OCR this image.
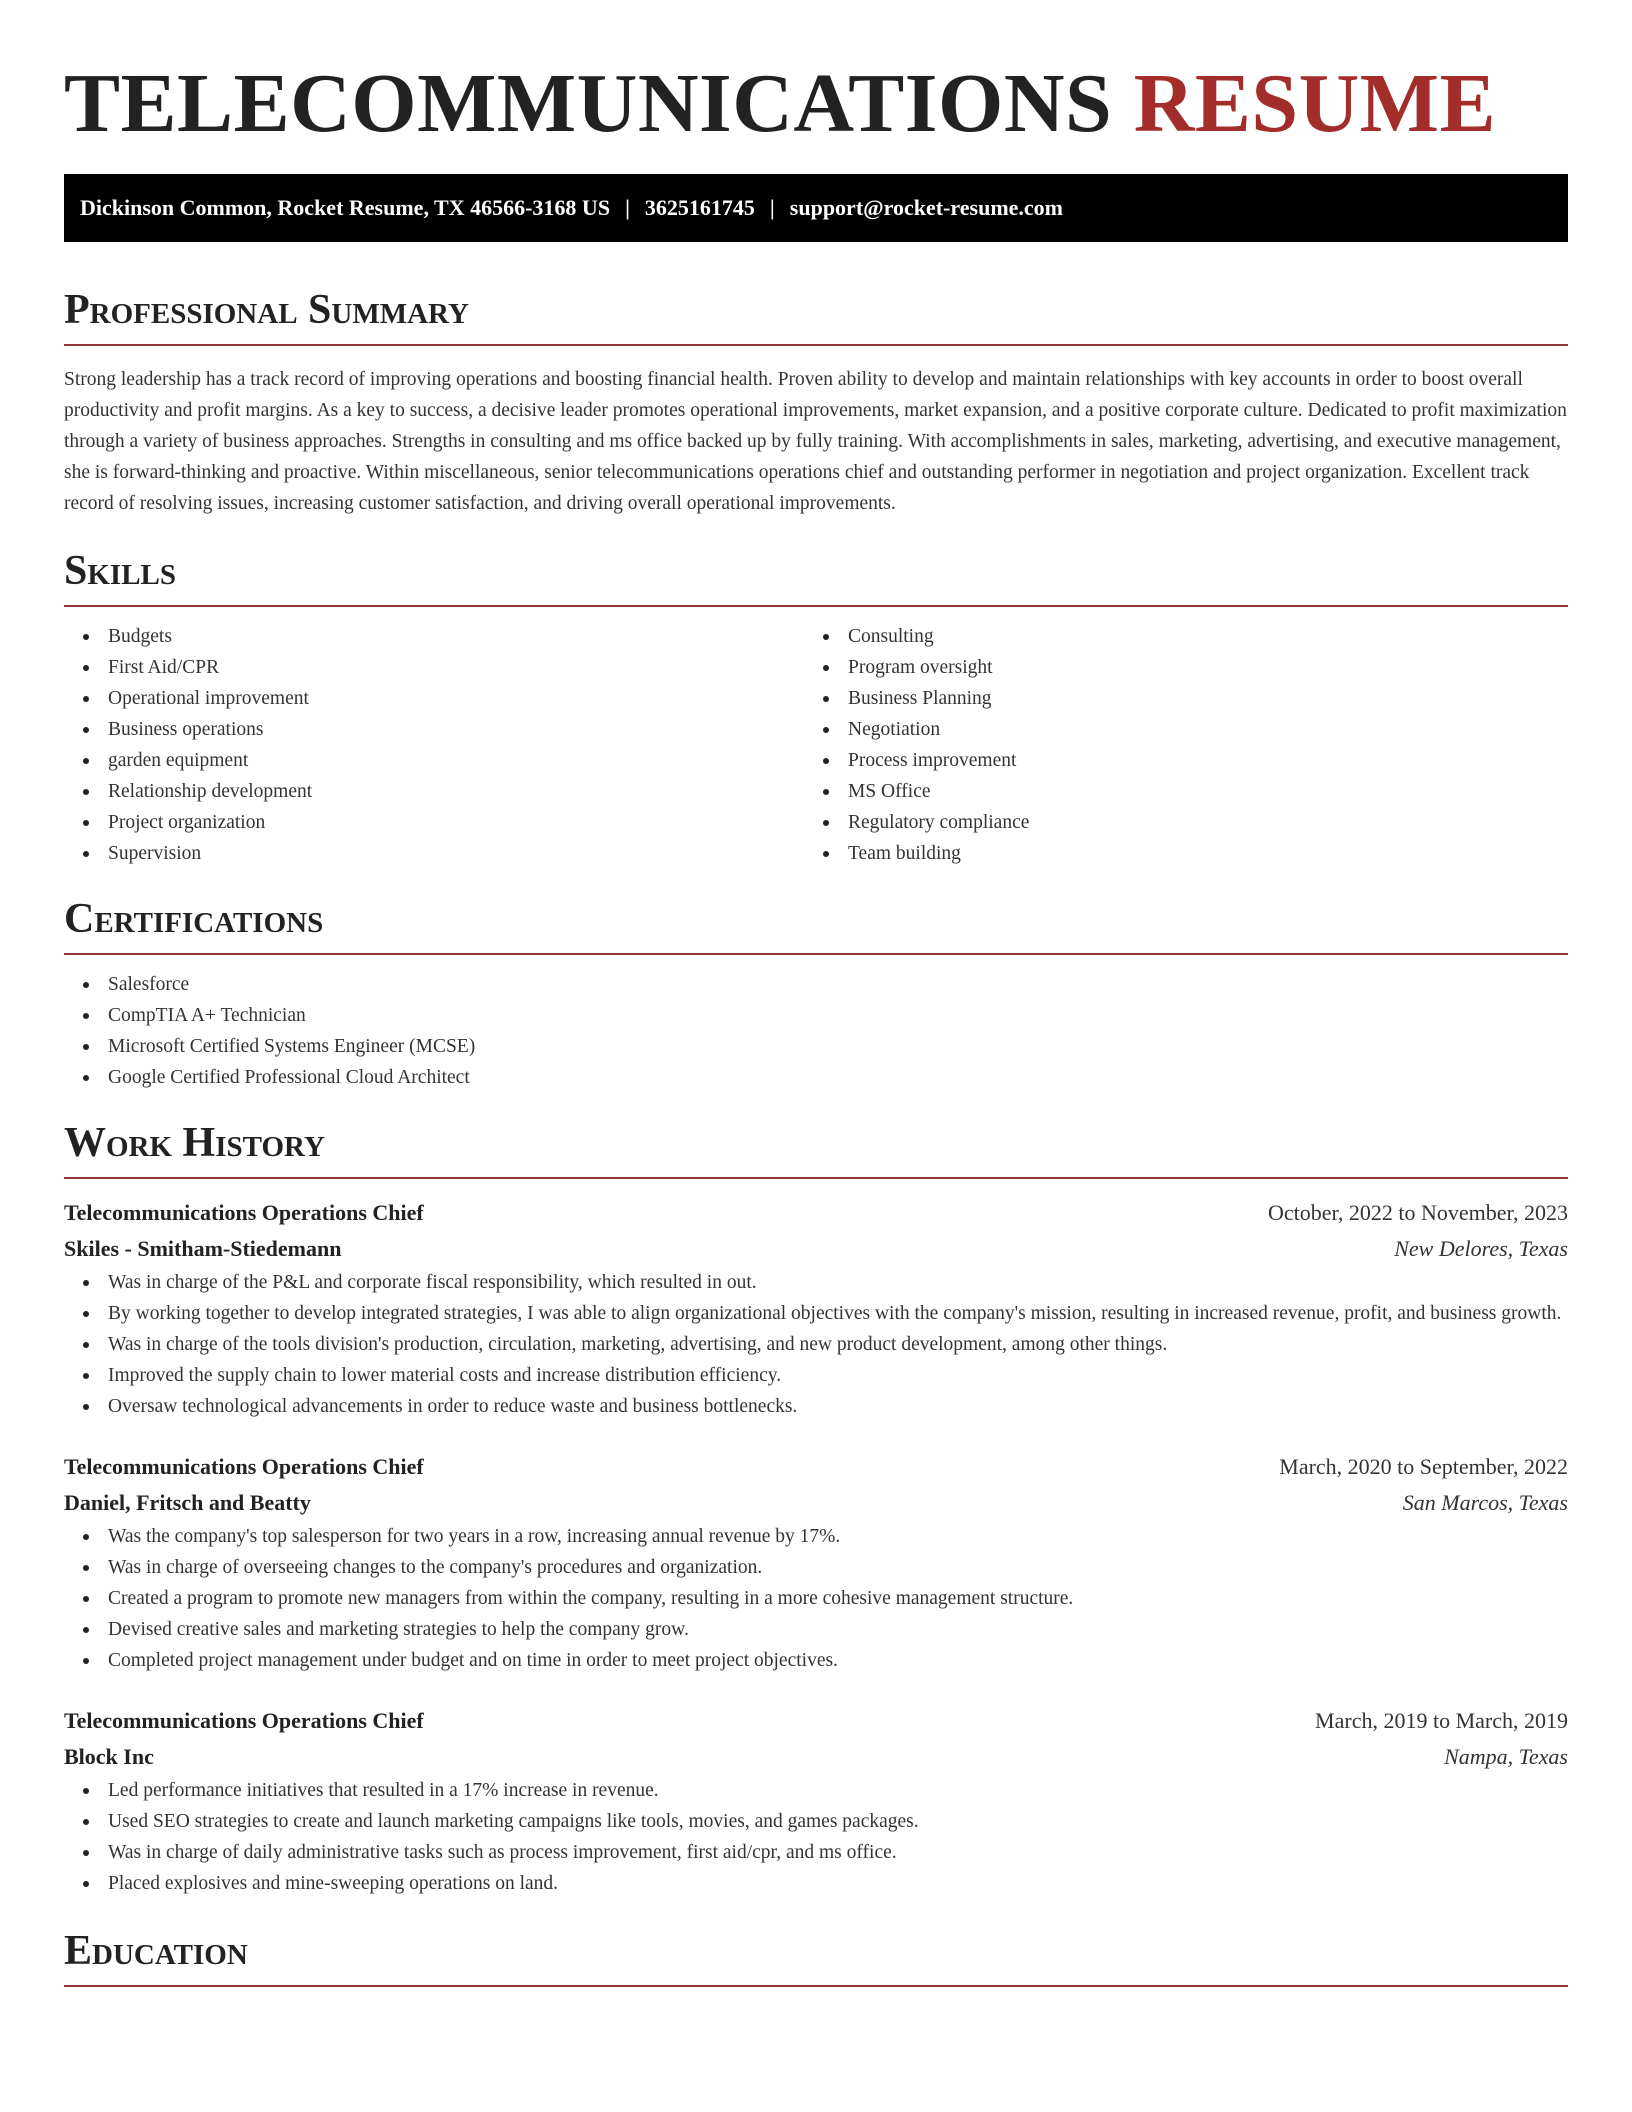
TELECOMMUNICATIONS RESUME
Dickinson Common, Rocket Resume, TX 46566-3168 US | 3625161745 | support@rocket-resume.com
Professional Summary

Strong leadership has a track record of improving operations and boosting financial health. Proven ability to develop and maintain relationships with key accounts in order to boost overall productivity and profit margins. As a key to success, a decisive leader promotes operational improvements, market expansion, and a positive corporate culture. Dedicated to profit maximization through a variety of business approaches. Strengths in consulting and ms office backed up by fully training. With accomplishments in sales, marketing, advertising, and executive management, she is forward-thinking and proactive. Within miscellaneous, senior telecommunications operations chief and outstanding performer in negotiation and project organization. Excellent track record of resolving issues, increasing customer satisfaction, and driving overall operational improvements.

Skills
Budgets
First Aid/CPR
Operational improvement
Business operations
garden equipment
Relationship development
Project organization
Supervision
Consulting
Program oversight
Business Planning
Negotiation
Process improvement
MS Office
Regulatory compliance
Team building
Certifications
Salesforce
CompTIA A+ Technician
Microsoft Certified Systems Engineer (MCSE)
Google Certified Professional Cloud Architect
Work History
Telecommunications Operations Chief	October, 2022 to November, 2023
Skiles - Smitham-Stiedemann	New Delores, Texas
Was in charge of the P&L and corporate fiscal responsibility, which resulted in out.
By working together to develop integrated strategies, I was able to align organizational objectives with the company's mission, resulting in increased revenue, profit, and business growth.
Was in charge of the tools division's production, circulation, marketing, advertising, and new product development, among other things.
Improved the supply chain to lower material costs and increase distribution efficiency.
Oversaw technological advancements in order to reduce waste and business bottlenecks.
Telecommunications Operations Chief	March, 2020 to September, 2022
Daniel, Fritsch and Beatty	San Marcos, Texas
Was the company's top salesperson for two years in a row, increasing annual revenue by 17%.
Was in charge of overseeing changes to the company's procedures and organization.
Created a program to promote new managers from within the company, resulting in a more cohesive management structure.
Devised creative sales and marketing strategies to help the company grow.
Completed project management under budget and on time in order to meet project objectives.
Telecommunications Operations Chief	March, 2019 to March, 2019
Block Inc	Nampa, Texas
Led performance initiatives that resulted in a 17% increase in revenue.
Used SEO strategies to create and launch marketing campaigns like tools, movies, and games packages.
Was in charge of daily administrative tasks such as process improvement, first aid/cpr, and ms office.
Placed explosives and mine-sweeping operations on land.
Education
